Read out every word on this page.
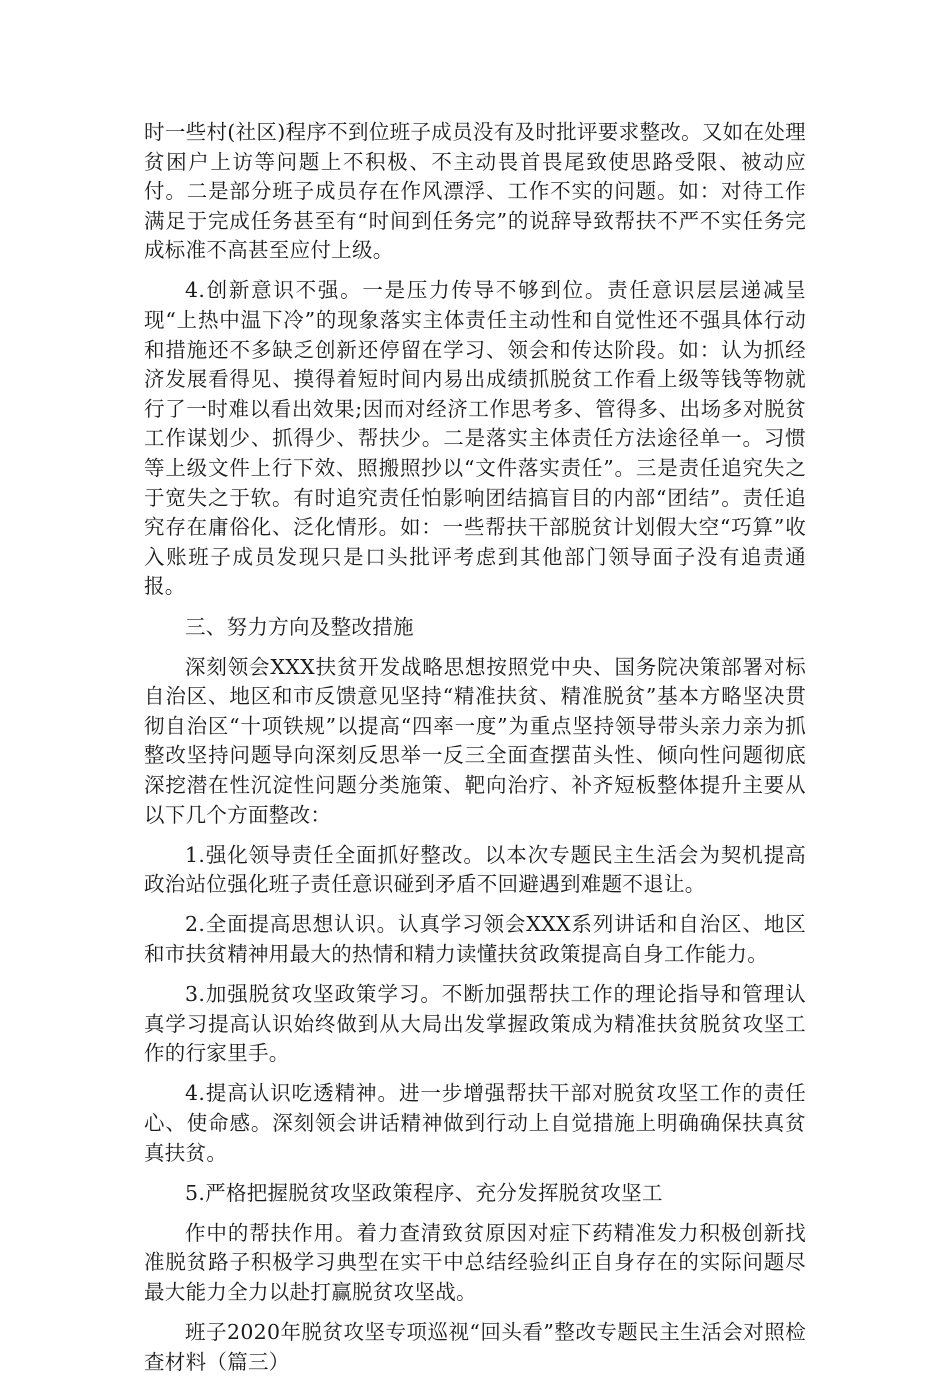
时一些村(社区)程序不到位班子成员没有及时批评要求整改。又如在处理贫困户上访等问题上不积极、不主动畏首畏尾致使思路受限、被动应付。二是部分班子成员存在作风漂浮、工作不实的问题。如：对待工作满足于完成任务甚至有“时间到任务完”的说辞导致帮扶不严不实任务完成标准不高甚至应付上级。

4.创新意识不强。一是压力传导不够到位。责任意识层层递减呈现“上热中温下冷”的现象落实主体责任主动性和自觉性还不强具体行动和措施还不多缺乏创新还停留在学习、领会和传达阶段。如：认为抓经济发展看得见、摸得着短时间内易出成绩抓脱贫工作看上级等钱等物就行了一时难以看出效果;因而对经济工作思考多、管得多、出场多对脱贫工作谋划少、抓得少、帮扶少。二是落实主体责任方法途径单一。习惯等上级文件上行下效、照搬照抄以“文件落实责任”。三是责任追究失之于宽失之于软。有时追究责任怕影响团结搞盲目的内部“团结”。责任追究存在庸俗化、泛化情形。如：一些帮扶干部脱贫计划假大空“巧算”收入账班子成员发现只是口头批评考虑到其他部门领导面子没有追责通报。

三、努力方向及整改措施

深刻领会XXX扶贫开发战略思想按照党中央、国务院决策部署对标自治区、地区和市反馈意见坚持“精准扶贫、精准脱贫”基本方略坚决贯彻自治区“十项铁规”以提高“四率一度”为重点坚持领导带头亲力亲为抓整改坚持问题导向深刻反思举一反三全面查摆苗头性、倾向性问题彻底深挖潜在性沉淀性问题分类施策、靶向治疗、补齐短板整体提升主要从以下几个方面整改：

1.强化领导责任全面抓好整改。以本次专题民主生活会为契机提高政治站位强化班子责任意识碰到矛盾不回避遇到难题不退让。

2.全面提高思想认识。认真学习领会XXX系列讲话和自治区、地区和市扶贫精神用最大的热情和精力读懂扶贫政策提高自身工作能力。

3.加强脱贫攻坚政策学习。不断加强帮扶工作的理论指导和管理认真学习提高认识始终做到从大局出发掌握政策成为精准扶贫脱贫攻坚工作的行家里手。

4.提高认识吃透精神。进一步增强帮扶干部对脱贫攻坚工作的责任心、使命感。深刻领会讲话精神做到行动上自觉措施上明确确保扶真贫真扶贫。

5.严格把握脱贫攻坚政策程序、充分发挥脱贫攻坚工

作中的帮扶作用。着力查清致贫原因对症下药精准发力积极创新找准脱贫路子积极学习典型在实干中总结经验纠正自身存在的实际问题尽最大能力全力以赴打赢脱贫攻坚战。

班子2020年脱贫攻坚专项巡视“回头看”整改专题民主生活会对照检查材料（篇三）
